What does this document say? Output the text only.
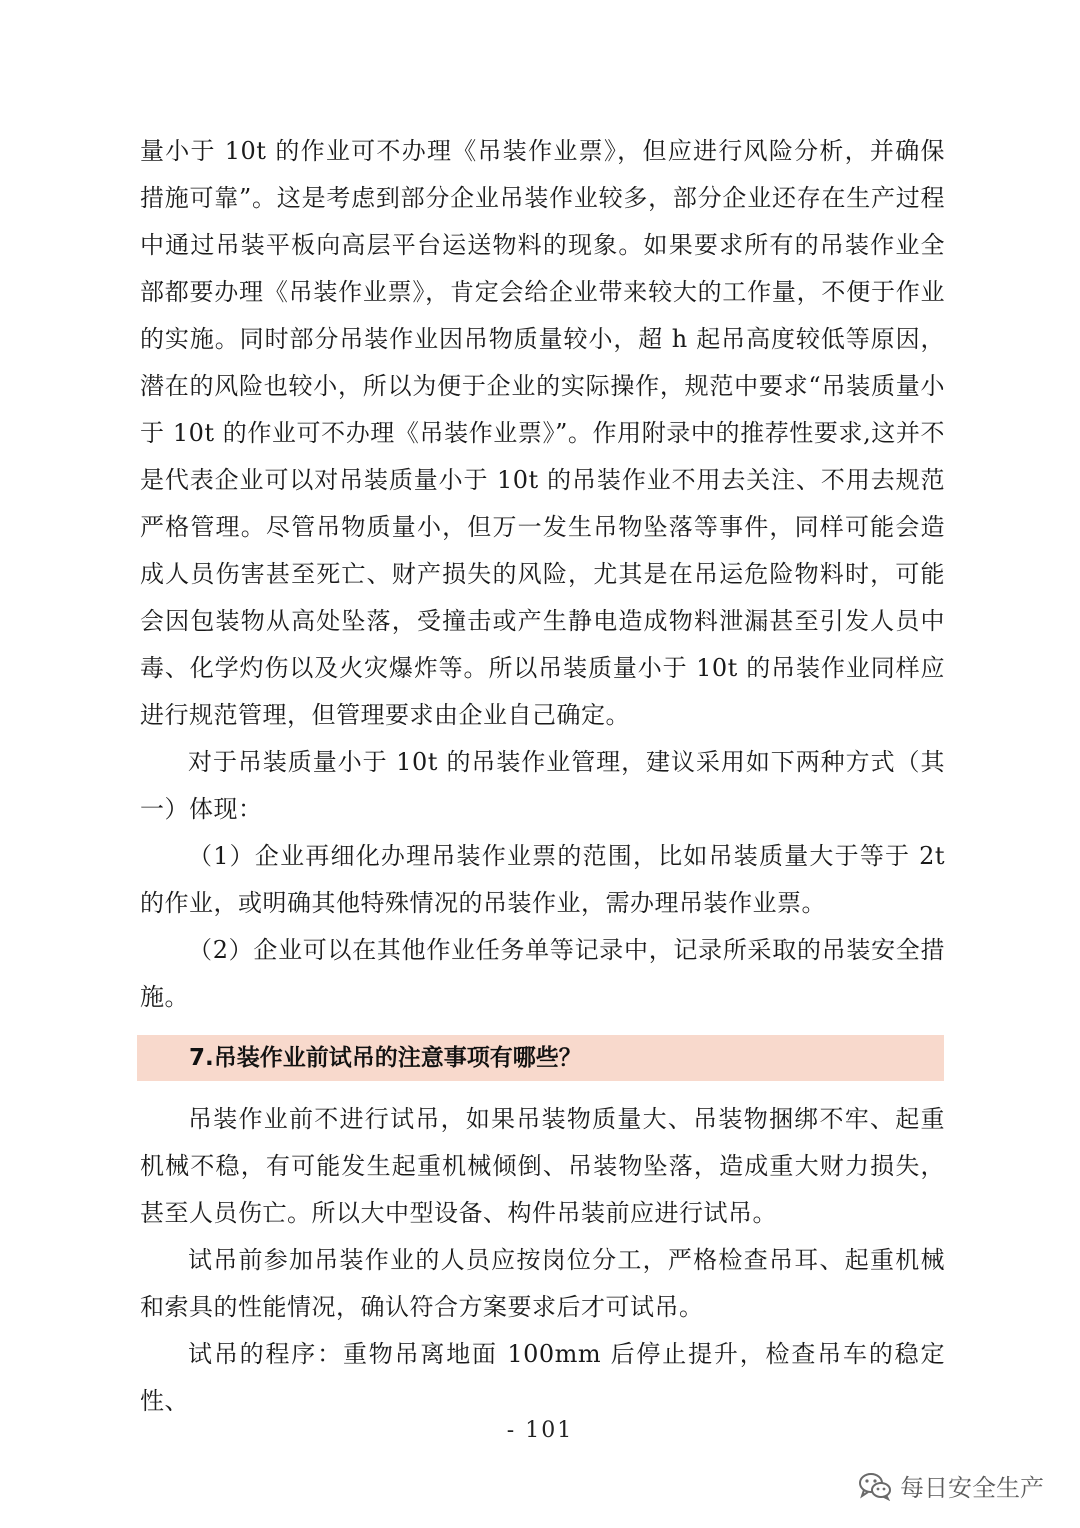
量小于 10t 的作业可不办理《吊装作业票》，但应进行风险分析，并确保措施可靠”。这是考虑到部分企业吊装作业较多，部分企业还存在生产过程中通过吊装平板向高层平台运送物料的现象。如果要求所有的吊装作业全部都要办理《吊装作业票》，肯定会给企业带来较大的工作量，不便于作业的实施。同时部分吊装作业因吊物质量较小，超 h 起吊高度较低等原因，潜在的风险也较小，所以为便于企业的实际操作，规范中要求“吊装质量小于 10t 的作业可不办理《吊装作业票》”。作用附录中的推荐性要求,这并不是代表企业可以对吊装质量小于 10t 的吊装作业不用去关注、不用去规范严格管理。尽管吊物质量小，但万一发生吊物坠落等事件，同样可能会造成人员伤害甚至死亡、财产损失的风险，尤其是在吊运危险物料时，可能会因包装物从高处坠落，受撞击或产生静电造成物料泄漏甚至引发人员中毒、化学灼伤以及火灾爆炸等。所以吊装质量小于 10t 的吊装作业同样应进行规范管理，但管理要求由企业自己确定。

对于吊装质量小于 10t 的吊装作业管理，建议采用如下两种方式（其一）体现：

（1）企业再细化办理吊装作业票的范围，比如吊装质量大于等于 2t 的作业，或明确其他特殊情况的吊装作业，需办理吊装作业票。

（2）企业可以在其他作业任务单等记录中，记录所采取的吊装安全措施。

7.吊装作业前试吊的注意事项有哪些？

吊装作业前不进行试吊，如果吊装物质量大、吊装物捆绑不牢、起重机械不稳，有可能发生起重机械倾倒、吊装物坠落，造成重大财力损失，甚至人员伤亡。所以大中型设备、构件吊装前应进行试吊。

试吊前参加吊装作业的人员应按岗位分工，严格检查吊耳、起重机械和索具的性能情况，确认符合方案要求后才可试吊。

试吊的程序：重物吊离地面 100mm 后停止提升，检查吊车的稳定性、

- 101
每日安全生产
